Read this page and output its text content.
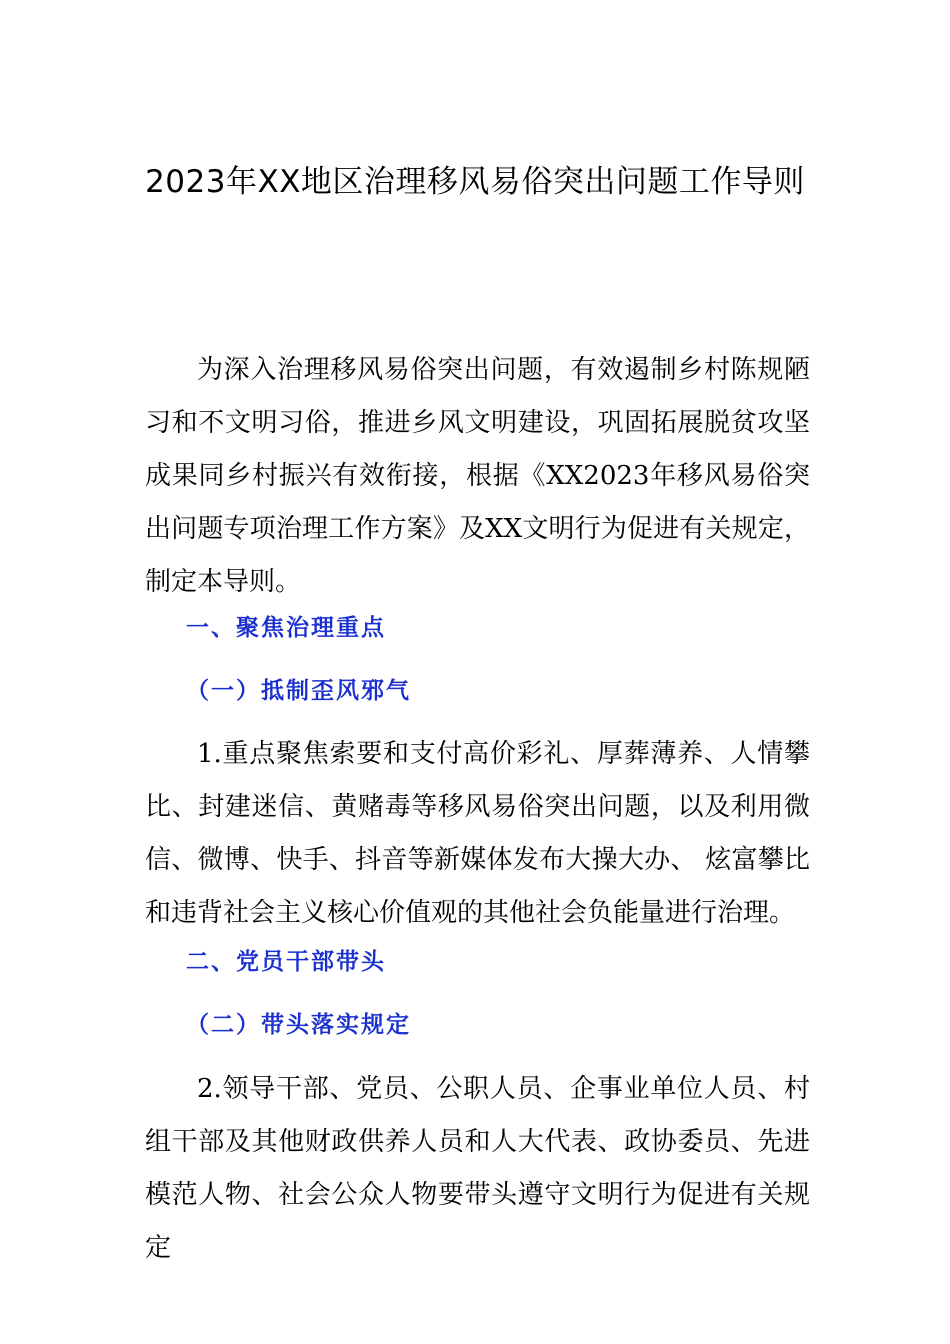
2023年XX地区治理移风易俗突出问题工作导则

为深入治理移风易俗突出问题，有效遏制乡村陈规陋习和不文明习俗，推进乡风文明建设，巩固拓展脱贫攻坚成果同乡村振兴有效衔接，根据《XX2023年移风易俗突出问题专项治理工作方案》及XX文明行为促进有关规定，制定本导则。

一、聚焦治理重点
（一）抵制歪风邪气

1.重点聚焦索要和支付高价彩礼、厚葬薄养、人情攀比、封建迷信、黄赌毒等移风易俗突出问题，以及利用微信、微博、快手、抖音等新媒体发布大操大办、 炫富攀比和违背社会主义核心价值观的其他社会负能量进行治理。

二、党员干部带头
（二）带头落实规定

2.领导干部、党员、公职人员、企事业单位人员、村组干部及其他财政供养人员和人大代表、政协委员、先进模范人物、社会公众人物要带头遵守文明行为促进有关规定
